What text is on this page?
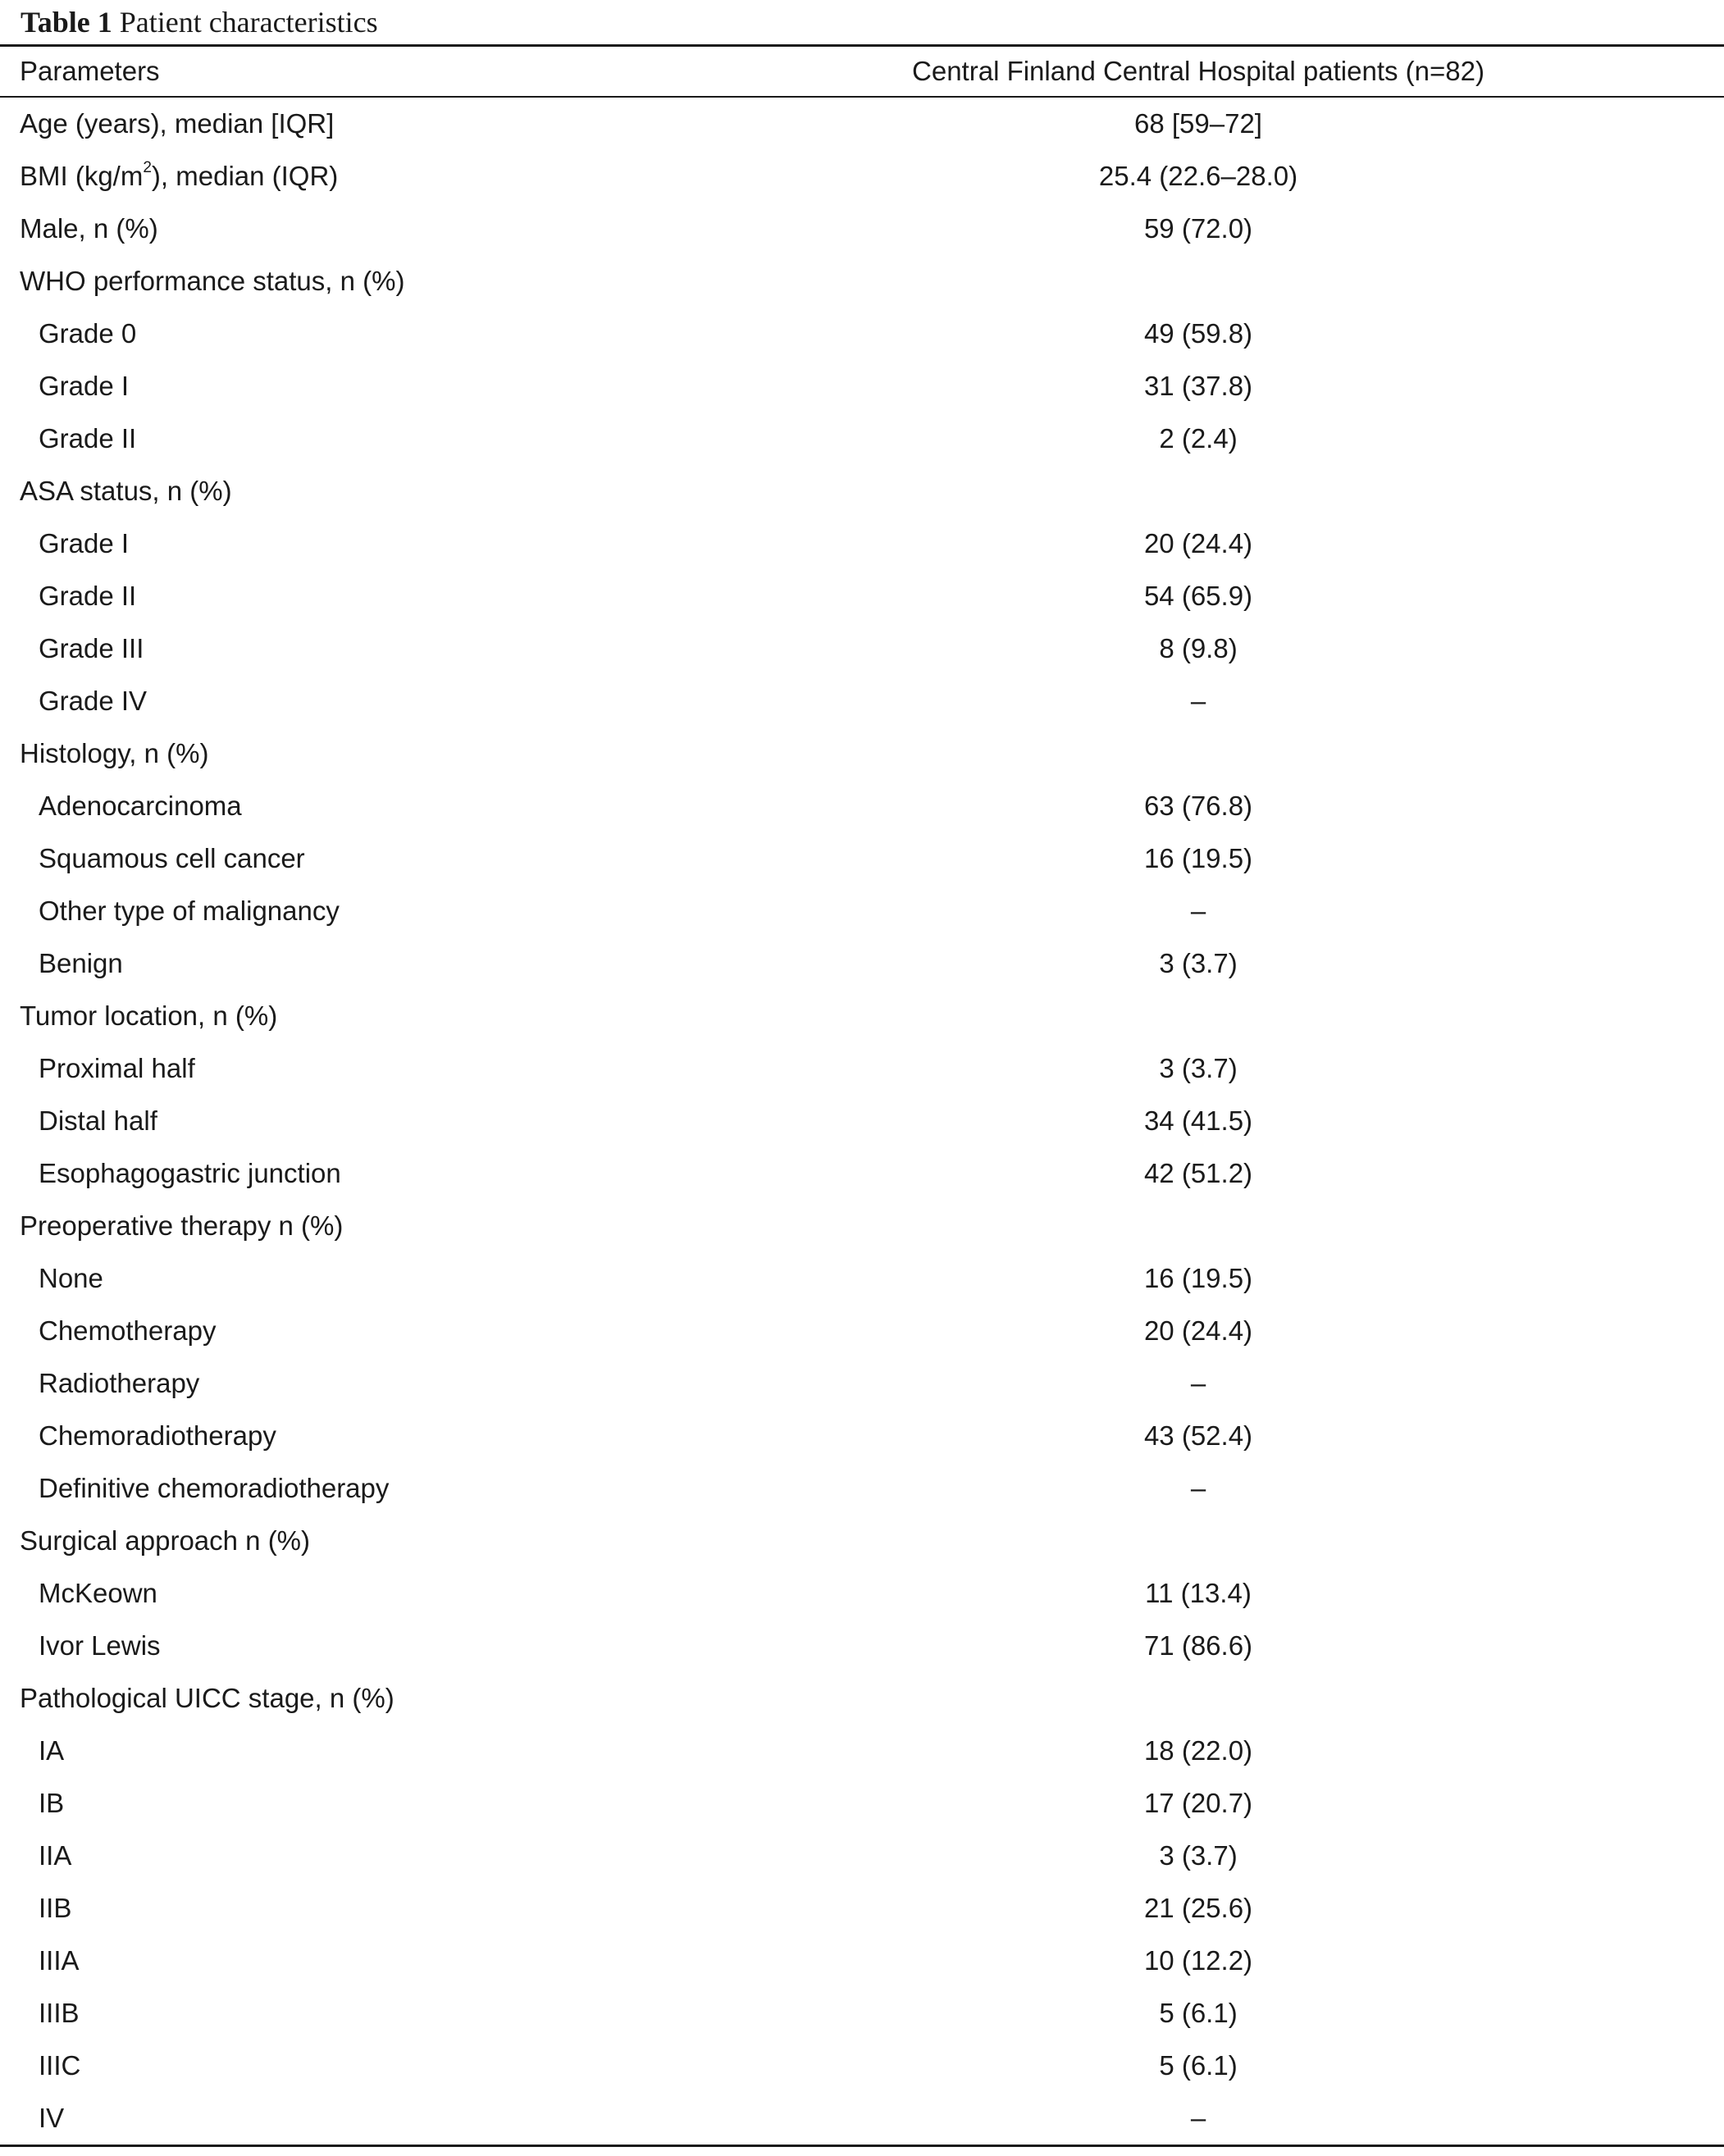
Table 1 Patient characteristics
Parameters	Central Finland Central Hospital patients (n=82)
Age (years), median [IQR]	68 [59–72]
BMI $(kg/m^2)$, median (IQR)	25.4 (22.6–28.0)
Male, n (%)	59 (72.0)
WHO performance status, n (%)
Grade 0	49 (59.8)
Grade I	31 (37.8)
Grade II	2 (2.4)
ASA status, n (%)
Grade I	20 (24.4)
Grade II	54 (65.9)
Grade III	8 (9.8)
Grade IV	–
Histology, n (%)
Adenocarcinoma	63 (76.8)
Squamous cell cancer	16 (19.5)
Other type of malignancy	–
Benign	3 (3.7)
Tumor location, n (%)
Proximal half	3 (3.7)
Distal half	34 (41.5)
Esophagogastric junction	42 (51.2)
Preoperative therapy n (%)
None	16 (19.5)
Chemotherapy	20 (24.4)
Radiotherapy	–
Chemoradiotherapy	43 (52.4)
Definitive chemoradiotherapy	–
Surgical approach n (%)
McKeown	11 (13.4)
Ivor Lewis	71 (86.6)
Pathological UICC stage, n (%)
IA	18 (22.0)
IB	17 (20.7)
IIA	3 (3.7)
IIB	21 (25.6)
IIIA	10 (12.2)
IIIB	5 (6.1)
IIIC	5 (6.1)
IV	–
